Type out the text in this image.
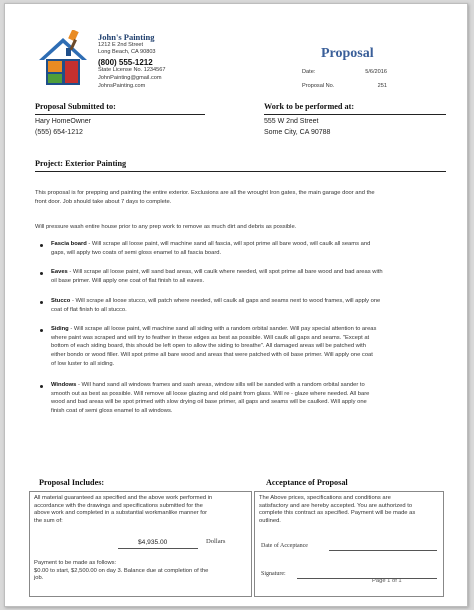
John's Painting
1212 E 2nd Street
Long Beach, CA 90803
(800) 555-1212
State License No. 1234567
JohnPainting@gmail.com
JohnsPainting.com
Proposal
Date:	5/6/2016
Proposal No.	251
Proposal Submitted to:
Hary HomeOwner
(555) 654-1212
Work to be performed at:
555 W 2nd Street
Some City, CA 90788
Project: Exterior Painting
This proposal is for prepping and painting the entire exterior. Exclusions are all the wrought Iron gates, the main garage door and the
front door. Job should take about 7 days to complete.
Will pressure wash entire house prior to any prep work to remove as much dirt and debris as possible.
Fascia board - Will scrape all loose paint, will machine sand all fascia, will spot prime all bare wood, will caulk all seams and
gaps, will apply two coats of semi gloss enamel to all fascia board.
Eaves - Will scrape all loose paint, will sand bad areas, will caulk where needed, will spot prime all bare wood and bad areas with
oil base primer. Will apply one coat of flat finish to all eaves.
Stucco - Will scrape all loose stucco, will patch where needed, will caulk all gaps and seams next to wood frames, will apply one
coat of flat finish to all stucco.
Siding - Will scrape all loose paint, will machine sand all siding with a random orbital sander. Will pay special attention to areas
where paint was scraped and will try to feather in these edges as best as possible. Will caulk all gaps and seams. "Except at
bottom of each siding board, this should be left open to allow the siding to breathe". All damaged areas will be patched with
either bondo or wood filler. Will spot prime all bare wood and areas that were patched with oil base primer. Will apply one coat
of low luster to all siding.
Windows - Will hand sand all windows frames and sash areas, window sills will be sanded with a random orbital sander to
smooth out as best as possible. Will remove all loose glazing and old paint from glass. Will re - glaze where needed. All bare
wood and bad areas will be spot primed with slow drying oil base primer, all gaps and seams will be caulked. Will apply one
finish coat of semi gloss enamel to all windows.
Proposal Includes:	Acceptance of Proposal
All material guaranteed as specified and the above work performed in
accordance with the drawings and specifications submitted for the
above work and completed in a substantial workmanlike manner for
the sum of:
$4,935.00	Dollars
Payment to be made as follows:
$0.00 to start, $2,500.00 on day 3. Balance due at completion of the
job.
The Above prices, specifications and conditions are
satisfactory and are hereby accepted. You are authorized to
complete this contract as specified. Payment will be made as
outlined.
Date of Acceptance
Signature:
Page 1 of 1
